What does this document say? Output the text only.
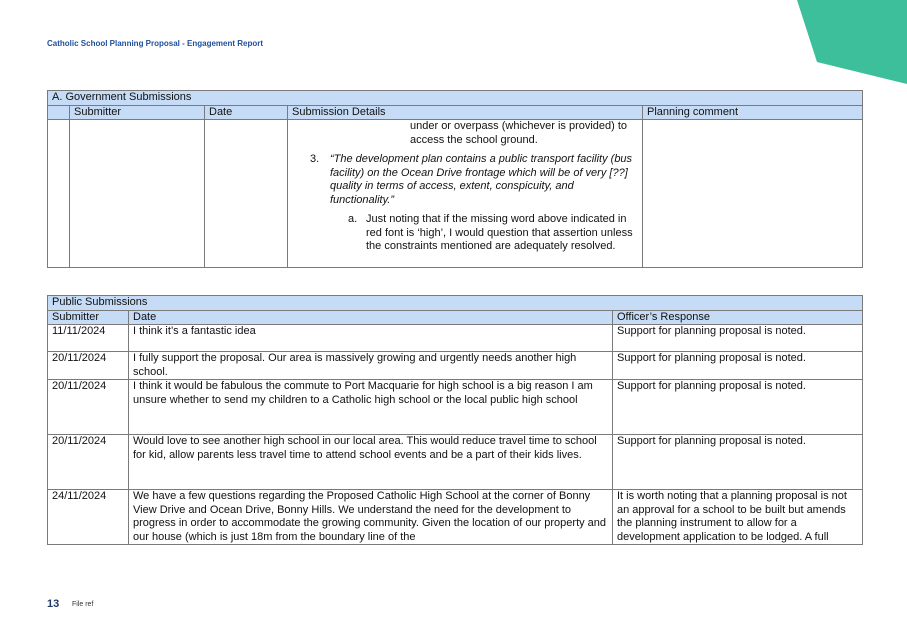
Catholic School Planning Proposal - Engagement Report
A. Government Submissions				
	Submitter	Date	Submission Details	Planning comment

			under or overpass (whichever is provided) to access the school ground.
3. “The development plan contains a public transport facility (bus facility) on the Ocean Drive frontage which will be of very [??] quality in terms of access, extent, conspicuity, and functionality.”
a. Just noting that if the missing word above indicated in red font is ‘high’, I would question that assertion unless the constraints mentioned are adequately resolved.	

Public Submissions		
Submitter	Date	Officer’s Response
11/11/2024	I think it’s a fantastic idea	Support for planning proposal is noted.
20/11/2024	I fully support the proposal. Our area is massively growing and urgently needs another high school.	Support for planning proposal is noted.
20/11/2024	I think it would be fabulous the commute to Port Macquarie for high school is a big reason I am unsure whether to send my children to a Catholic high school or the local public high school	Support for planning proposal is noted.
20/11/2024	Would love to see another high school in our local area. This would reduce travel time to school for kid, allow parents less travel time to attend school events and be a part of their kids lives.	Support for planning proposal is noted.
24/11/2024	We have a few questions regarding the Proposed Catholic High School at the corner of Bonny View Drive and Ocean Drive, Bonny Hills. We understand the need for the development to progress in order to accommodate the growing community. Given the location of our property and our house (which is just 18m from the boundary line of the	It is worth noting that a planning proposal is not an approval for a school to be built but amends the planning instrument to allow for a development application to be lodged. A full
13 File ref
